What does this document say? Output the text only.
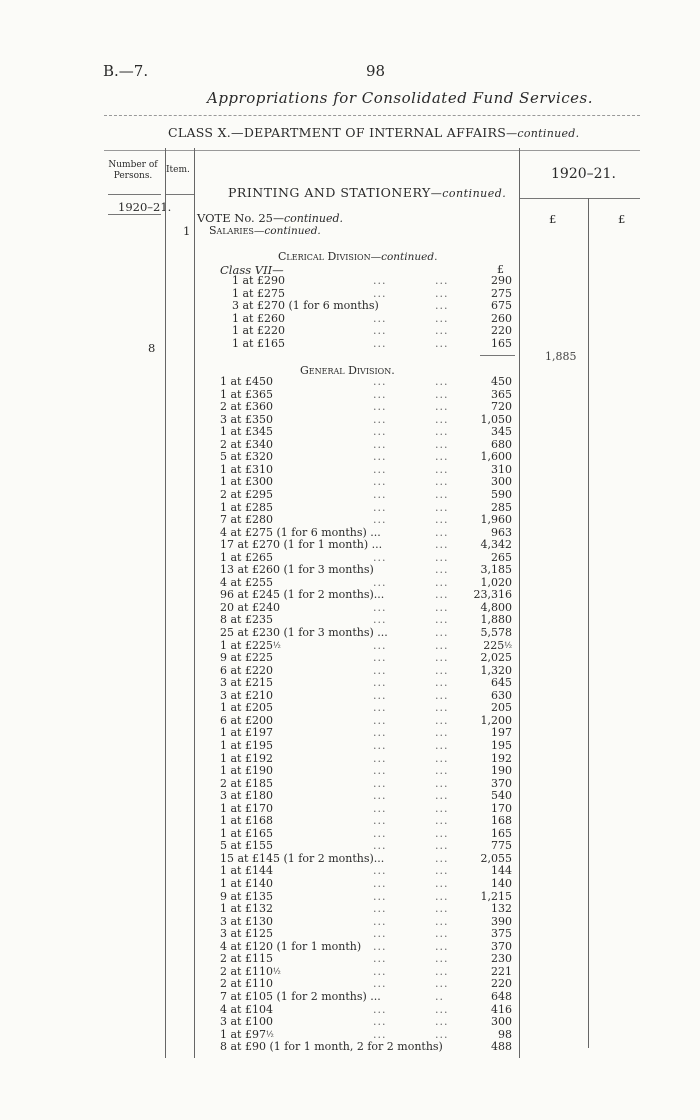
B.—7.	98
Appropriations for Consolidated Fund Services.
CLASS X.—DEPARTMENT OF INTERNAL AFFAIRS—continued.
Number of Persons.
Item.	1920–21.
PRINTING AND STATIONERY—continued.
1920–21.
£	£
VOTE No. 25—continued.
1 Salaries—continued.
Clerical Division—continued.
Class VII—	£
1 at £290	...	...	290
1 at £275	...	...	275
3 at £270 (1 for 6 months)	...	675
1 at £260	...	...	260
1 at £220	...	...	220
1 at £165	...	...	165
8
1,885
General Division.
1 at £450	...	...	450
1 at £365	...	...	365
2 at £360	...	...	720
3 at £350	...	...	1,050
1 at £345	...	...	345
2 at £340	...	...	680
5 at £320	...	...	1,600
1 at £310	...	...	310
1 at £300	...	...	300
2 at £295	...	...	590
1 at £285	...	...	285
7 at £280	...	...	1,960
4 at £275 (1 for 6 months) ...	...	963
17 at £270 (1 for 1 month) ...	...	4,342
1 at £265	...	...	265
13 at £260 (1 for 3 months)	...	3,185
4 at £255	...	...	1,020
96 at £245 (1 for 2 months)...	... 23,316
20 at £240	...	...	4,800
8 at £235	...	...	1,880
25 at £230 (1 for 3 months) ...	...	5,578
1 at £225½	...	...	225½
9 at £225	...	...	2,025
6 at £220	...	...	1,320
3 at £215	...	...	645
3 at £210	...	...	630
1 at £205	...	...	205
6 at £200	...	...	1,200
1 at £197	...	...	197
1 at £195	...	...	195
1 at £192	...	...	192
1 at £190	...	...	190
2 at £185	...	...	370
3 at £180	...	...	540
1 at £170	...	...	170
1 at £168	...	...	168
1 at £165	...	...	165
5 at £155	...	...	775
15 at £145 (1 for 2 months)...	...	2,055
1 at £144	...	...	144
1 at £140	...	...	140
9 at £135	...	...	1,215
1 at £132	...	...	132
3 at £130	...	...	390
3 at £125	...	...	375
4 at £120 (1 for 1 month) ...	...	370
2 at £115	...	...	230
2 at £110½	...	...	221
2 at £110	...	...	220
7 at £105 (1 for 2 months) ...	..	648
4 at £104	...	...	416
3 at £100	...	...	300
1 at £97½	...	...	98
8 at £90 (1 for 1 month, 2 for 2 months)	488
